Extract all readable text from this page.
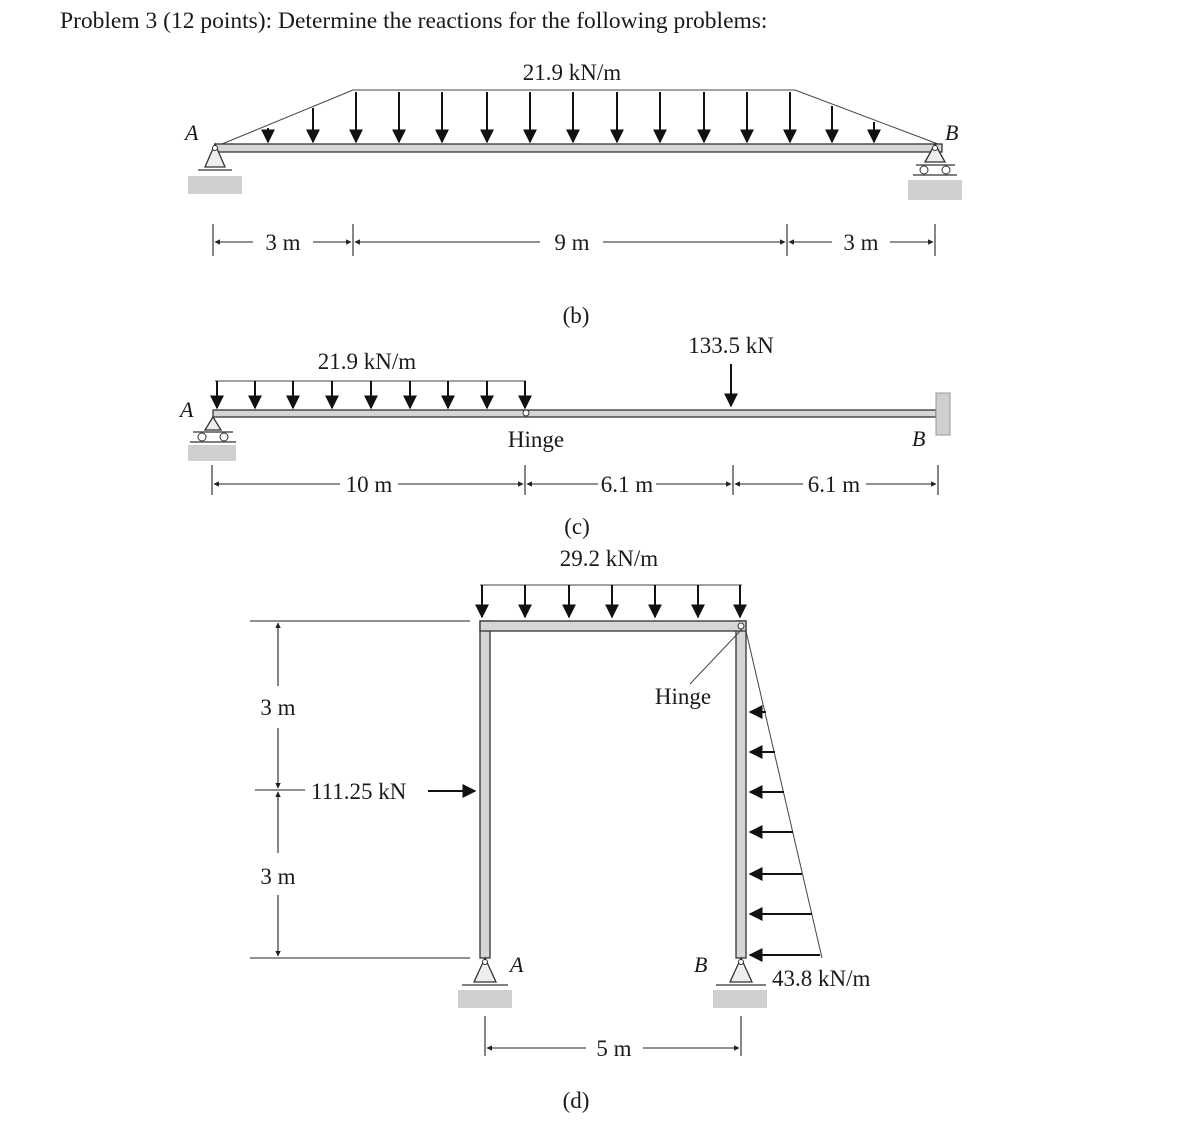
Problem 3 (12 points): Determine the reactions for the following problems:
21.9 kN/m
A	B
3 m	9 m	3 m
(b)
21.9 kN/m
133.5 kN
A
B
Hinge
10 m	6.1 m	6.1 m
(c)
29.2 kN/m
Hinge
111.25 kN
A	B
43.8 kN/m
3 m
3 m
5 m
(d)
